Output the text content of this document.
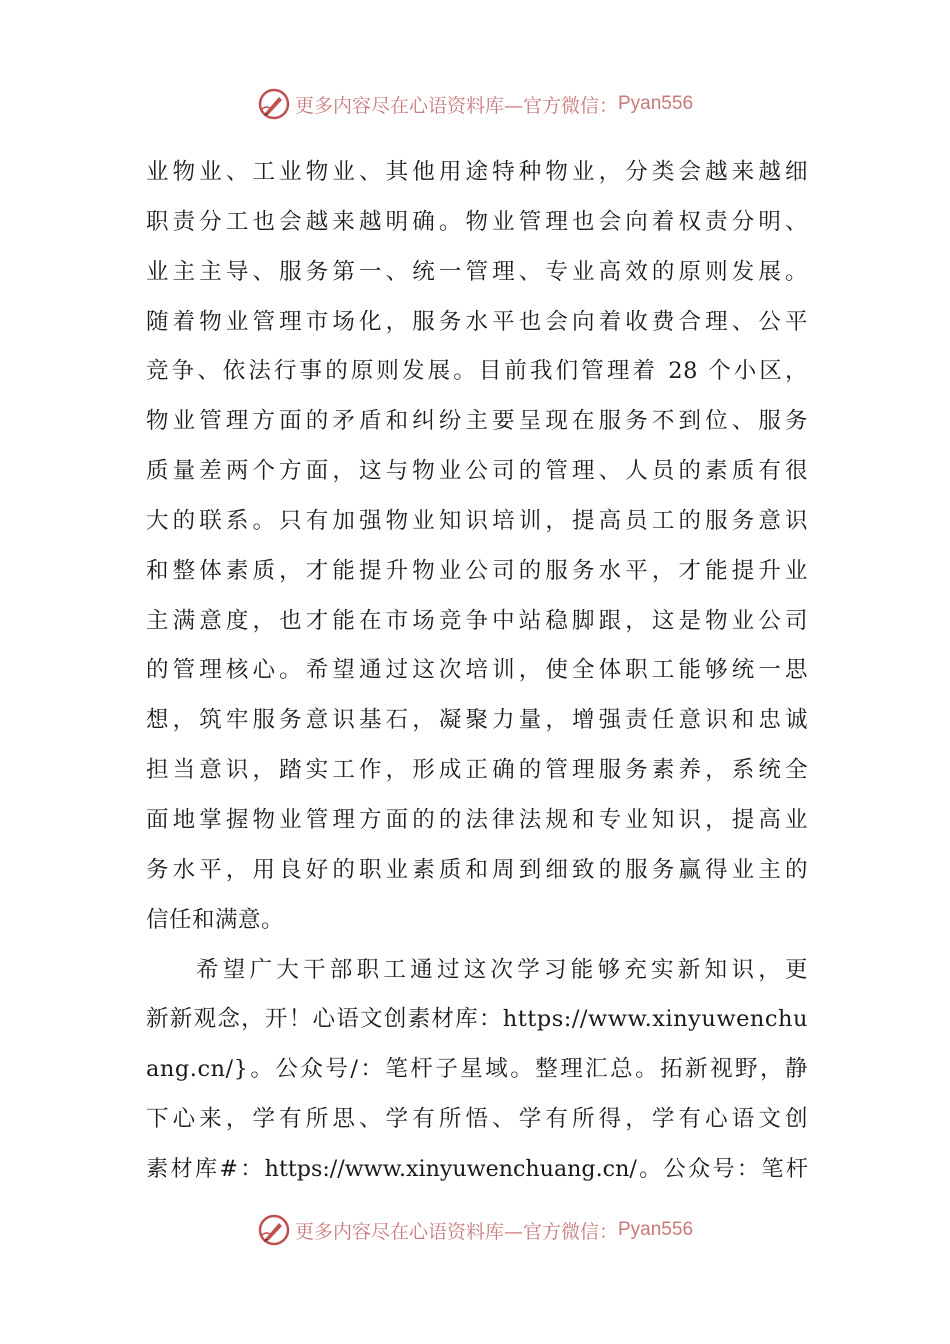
更多内容尽在心语资料库—官方微信： Pyan556
业物业、工业物业、其他用途特种物业，分类会越来越细
职责分工也会越来越明确。物业管理也会向着权责分明、
业主主导、服务第一、统一管理、专业高效的原则发展。
随着物业管理市场化，服务水平也会向着收费合理、公平
竞争、依法行事的原则发展。目前我们管理着 28 个小区，
物业管理方面的矛盾和纠纷主要呈现在服务不到位、服务
质量差两个方面，这与物业公司的管理、人员的素质有很
大的联系。只有加强物业知识培训，提高员工的服务意识
和整体素质，才能提升物业公司的服务水平，才能提升业
主满意度，也才能在市场竞争中站稳脚跟，这是物业公司
的管理核心。希望通过这次培训，使全体职工能够统一思
想，筑牢服务意识基石，凝聚力量，增强责任意识和忠诚
担当意识，踏实工作，形成正确的管理服务素养，系统全
面地掌握物业管理方面的的法律法规和专业知识，提高业
务水平，用良好的职业素质和周到细致的服务赢得业主的
信任和满意。
希望广大干部职工通过这次学习能够充实新知识，更
新新观念，开！心语文创素材库：https://www.xinyuwenchu
ang.cn/}。公众号/：笔杆子星域。整理汇总。拓新视野，静
下心来，学有所思、学有所悟、学有所得，学有心语文创
素材库#：https://www.xinyuwenchuang.cn/。公众号：笔杆
更多内容尽在心语资料库—官方微信： Pyan556
